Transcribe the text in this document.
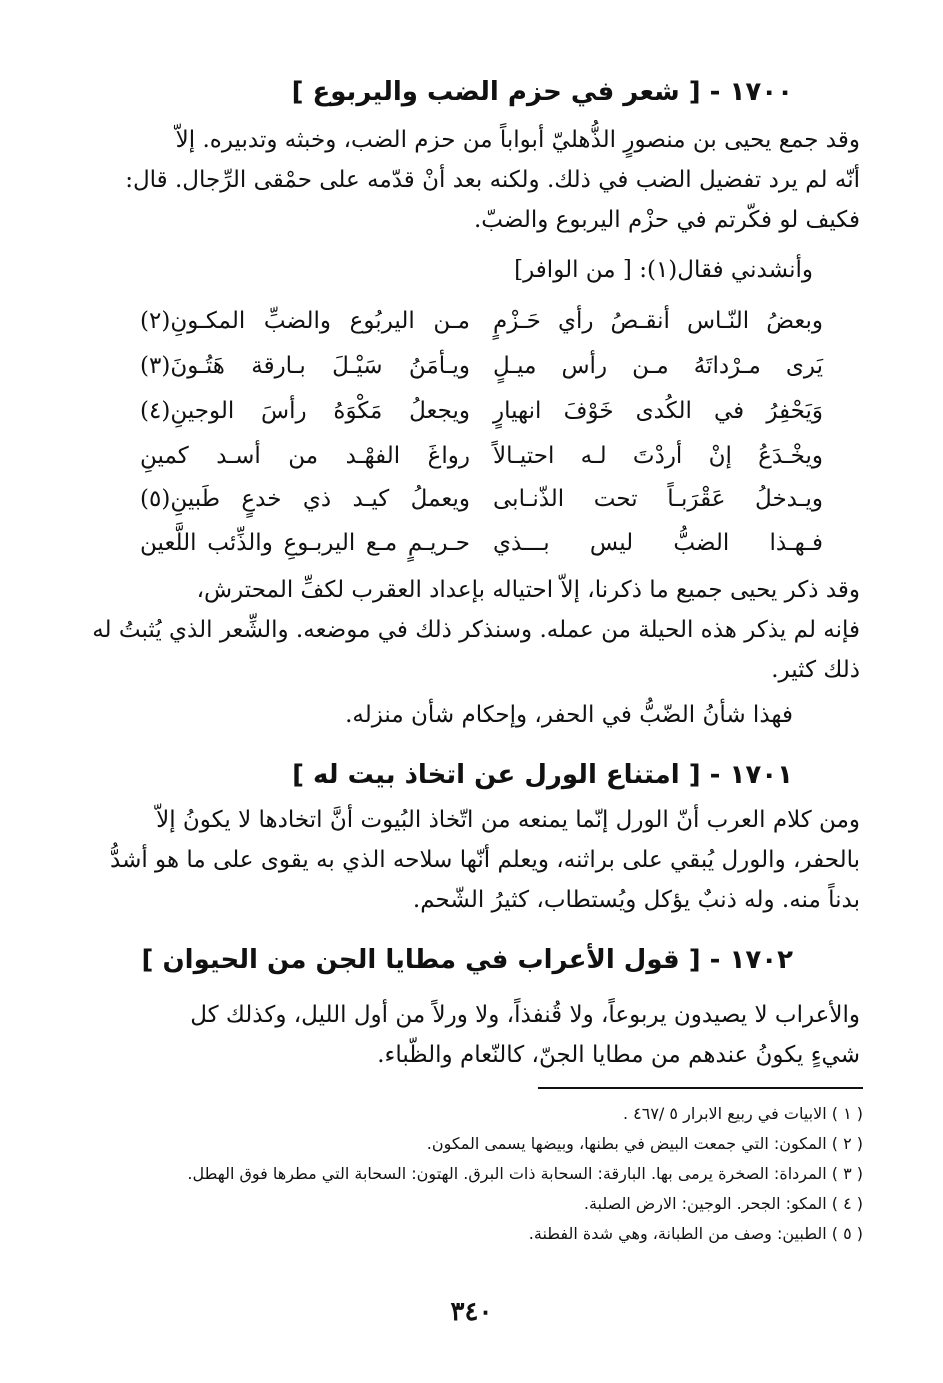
١٧٠٠ - [ شعر في حزم الضب واليربوع ]
وقد جمع يحيى بن منصورٍ الذُّهليّ أبواباً من حزم الضب، وخبثه وتدبيره. إلاّ
أنّه لم يرد تفضيل الضب في ذلك. ولكنه بعد أنْ قدّمه على حمْقى الرِّجال. قال:
فكيف لو فكّرتم في حزْم اليربوع والضبّ.
وأنشدني فقال(١): [ من الوافر]
وبعضُ النّـاس أنقـصُ رأي حَـزْمٍ
مـن اليربُوع والضبِّ المكـونِ(٢)
يَرى مـرْداتَهُ مـن رأس ميـلٍ
ويـأمَنُ سَيْـلَ بـارقة هَتُـونَ(٣)
وَيَحْفِرُ في الكُدى خَوْفَ انهيارٍ
ويجعلُ مَكْوَهُ رأسَ الوجينِ(٤)
ويخْـدَعُ إنْ أردْتَ لـه احتيـالاً
رواغَ الفهْـد من أسـد كمينِ
ويـدخلُ عَقْرَبـاً تحت الذّنـابى
ويعملُ كيـد ذي خدعٍ طَبينِ(٥)
فـهـذا الضبُّ ليس بـــذي
حـريـمٍ مـع اليربـوعِ والذِّئب اللَّعين
وقد ذكر يحيى جميع ما ذكرنا، إلاّ احتياله بإعداد العقرب لكفِّ المحترش،
فإنه لم يذكر هذه الحيلة من عمله. وسنذكر ذلك في موضعه. والشِّعر الذي يُثبتُ له
ذلك كثير.
فهذا شأنُ الضّبُّ في الحفر، وإحكام شأن منزله.
١٧٠١ - [ امتناع الورل عن اتخاذ بيت له ]
ومن كلام العرب أنّ الورل إنّما يمنعه من اتّخاذ البُيوت أنَّ اتخادها لا يكونُ إلاّ
بالحفر، والورل يُبقي على براثنه، ويعلم أنّها سلاحه الذي به يقوى على ما هو أشدُّ
بدناً منه. وله ذنبٌ يؤكل ويُستطاب، كثيرُ الشّحم.
١٧٠٢ - [ قول الأعراب في مطايا الجن من الحيوان ]
والأعراب لا يصيدون يربوعاً، ولا قُنفذاً، ولا ورلاً من أول الليل، وكذلك كل
شيءٍ يكونُ عندهم من مطايا الجنّ، كالنّعام والظّباء.
( ١ ) الابيات في ربيع الابرار ٥ /٤٦٧ .
( ٢ ) المكون: التي جمعت البيض في بطنها، وبيضها يسمى المكون.
( ٣ ) المرداة: الصخرة يرمى بها. البارقة: السحابة ذات البرق. الهتون: السحابة التي مطرها فوق الهطل.
( ٤ ) المكو: الجحر. الوجين: الارض الصلبة.
( ٥ ) الطبين: وصف من الطبانة، وهي شدة الفطنة.
٣٤٠
